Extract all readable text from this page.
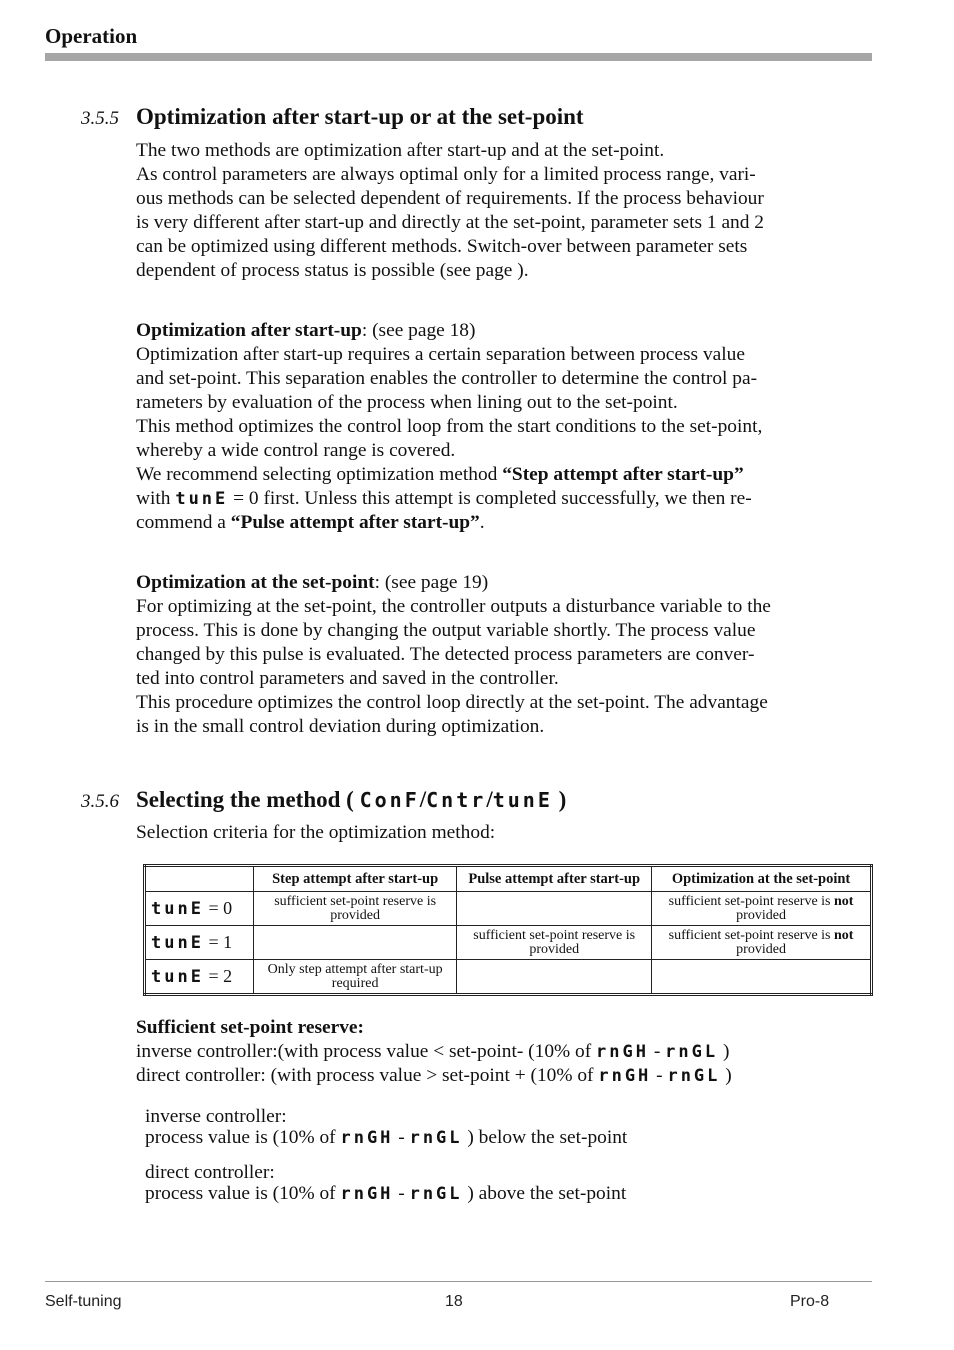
Operation
3.5.5 Optimization after start-up or at the set-point

The two methods are optimization after start-up and at the set-point.

As control parameters are always optimal only for a limited process range, vari-

ous methods can be selected dependent of requirements. If the process behaviour

is very different after start-up and directly at the set-point, parameter sets 1 and 2

can be optimized using different methods. Switch-over between parameter sets

dependent of process status is possible (see page ).

Optimization after start-up: (see page 18)

Optimization after start-up requires a certain separation between process value

and set-point. This separation enables the controller to determine the control pa-

rameters by evaluation of the process when lining out to the set-point.

This method optimizes the control loop from the start conditions to the set-point,

whereby a wide control range is covered.

We recommend selecting optimization method “Step attempt after start-up”

with tunE = 0 first. Unless this attempt is completed successfully, we then re-

commend a “Pulse attempt after start-up”.

Optimization at the set-point: (see page 19)

For optimizing at the set-point, the controller outputs a disturbance variable to the

process. This is done by changing the output variable shortly. The process value

changed by this pulse is evaluated. The detected process parameters are conver-

ted into control parameters and saved in the controller.

This procedure optimizes the control loop directly at the set-point. The advantage

is in the small control deviation during optimization.

3.5.6 Selecting the method ( ConF/Cntr/tunE )
Selection criteria for the optimization method:
	Step attempt after start-up	Pulse attempt after start-up	Optimization at the set-point
tunE = 0	sufficient set-point reserve is provided		sufficient set-point reserve is not provided
tunE = 1		sufficient set-point reserve is provided	sufficient set-point reserve is not provided
tunE = 2	Only step attempt after start-up required		

Sufficient set-point reserve:

inverse controller:(with process value < set-point- (10% of rnGH - rnGL )

direct controller: (with process value > set-point + (10% of rnGH - rnGL )

inverse controller:
process value is (10% of rnGH - rnGL ) below the set-point
direct controller:
process value is (10% of rnGH - rnGL ) above the set-point
Self-tuning	18	Pro-8
